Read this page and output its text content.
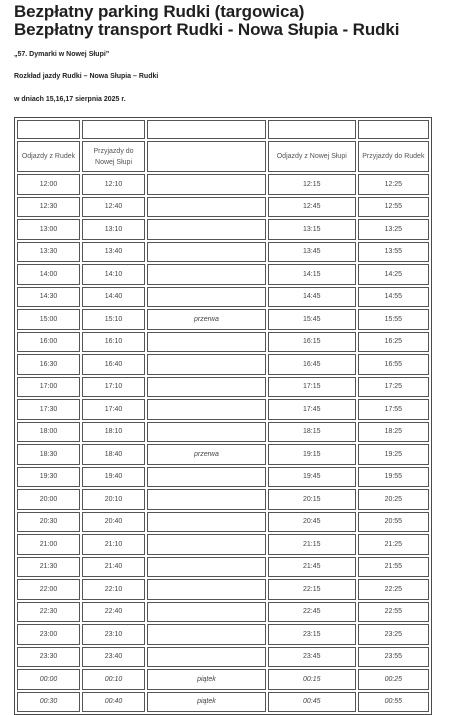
Bezpłatny parking Rudki (targowica)
Bezpłatny transport Rudki - Nowa Słupia - Rudki
„57. Dymarki w Nowej Słupi”
Rozkład jazdy Rudki – Nowa Słupia – Rudki
w dniach 15,16,17 sierpnia 2025 r.

Odjazdy z Rudek	Przyjazdy do Nowej Słupi		Odjazdy z Nowej Słupi	Przyjazdy do Rudek
12:00	12:10		12:15	12:25
12:30	12:40		12:45	12:55
13:00	13:10		13:15	13:25
13:30	13:40		13:45	13:55
14:00	14:10		14:15	14:25
14:30	14:40		14:45	14:55
15:00	15:10	przerwa	15:45	15:55
16:00	16:10		16:15	16:25
16:30	16:40		16:45	16:55
17:00	17:10		17:15	17:25
17:30	17:40		17:45	17:55
18:00	18:10		18:15	18:25
18:30	18:40	przerwa	19:15	19:25
19:30	19:40		19:45	19:55
20:00	20:10		20:15	20:25
20:30	20:40		20:45	20:55
21:00	21:10		21:15	21:25
21:30	21:40		21:45	21:55
22:00	22:10		22:15	22:25
22:30	22:40		22:45	22:55
23:00	23:10		23:15	23:25
23:30	23:40		23:45	23:55
00:00	00:10	piątek	00:15	00:25
00:30	00:40	piątek	00:45	00:55
